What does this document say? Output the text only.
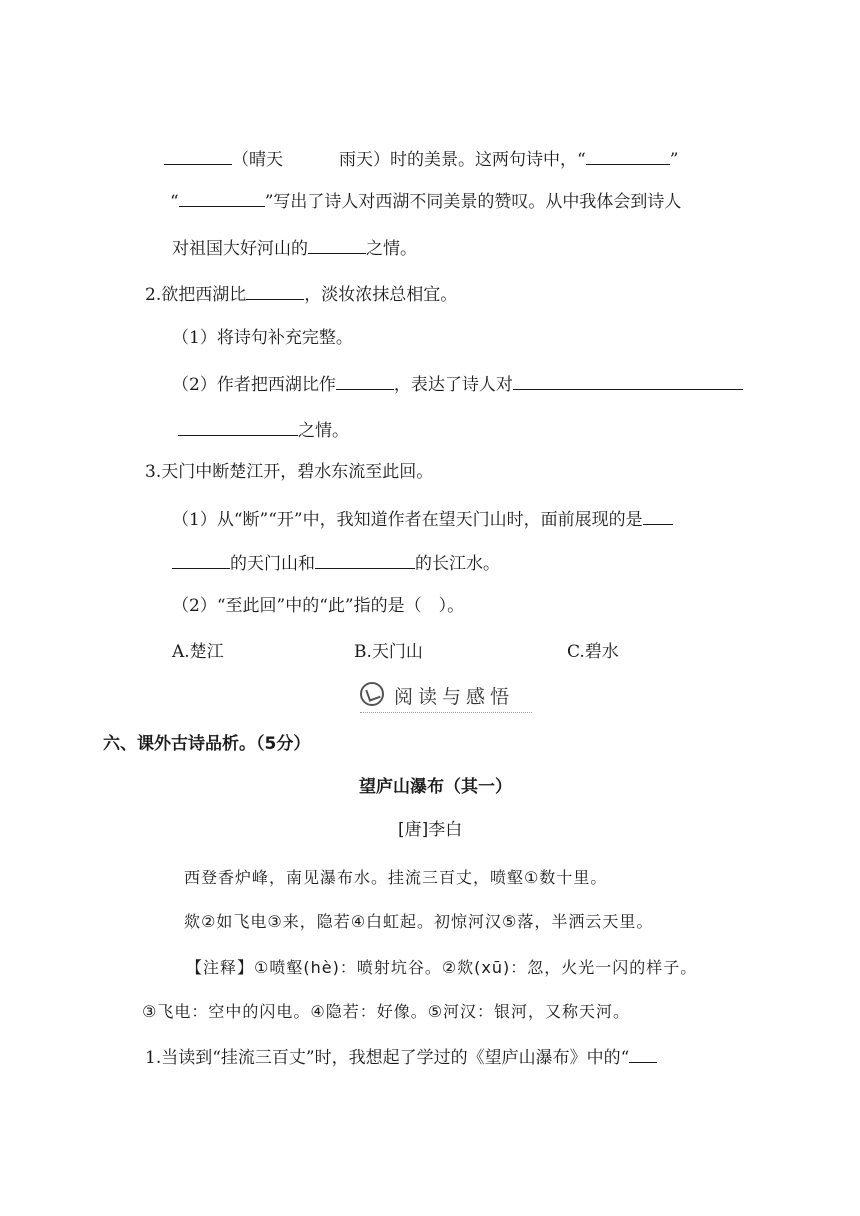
（晴天	雨天）时的美景。这两句诗中，“	”
“	”写出了诗人对西湖不同美景的赞叹。从中我体会到诗人
对祖国大好河山的	之情。
2.欲把西湖比	，淡妆浓抹总相宜。
（1）将诗句补充完整。
（2）作者把西湖比作	，表达了诗人对
之情。
3.天门中断楚江开，碧水东流至此回。
（1）从“断”“开”中，我知道作者在望天门山时，面前展现的是
的天门山和	的长江水。
（2）“至此回”中的“此”指的是（　）。
A.楚江	B.天门山	C.碧水
阅读与感悟
六、课外古诗品析。（5分）
望庐山瀑布（其一）
[唐]李白
西登香炉峰，南见瀑布水。挂流三百丈，喷壑①数十里。
欻②如飞电③来，隐若④白虹起。初惊河汉⑤落，半洒云天里。
【注释】①喷壑(hè)：喷射坑谷。②欻(xū)：忽，火光一闪的样子。
③飞电：空中的闪电。④隐若：好像。⑤河汉：银河，又称天河。
1.当读到“挂流三百丈”时，我想起了学过的《望庐山瀑布》中的“
